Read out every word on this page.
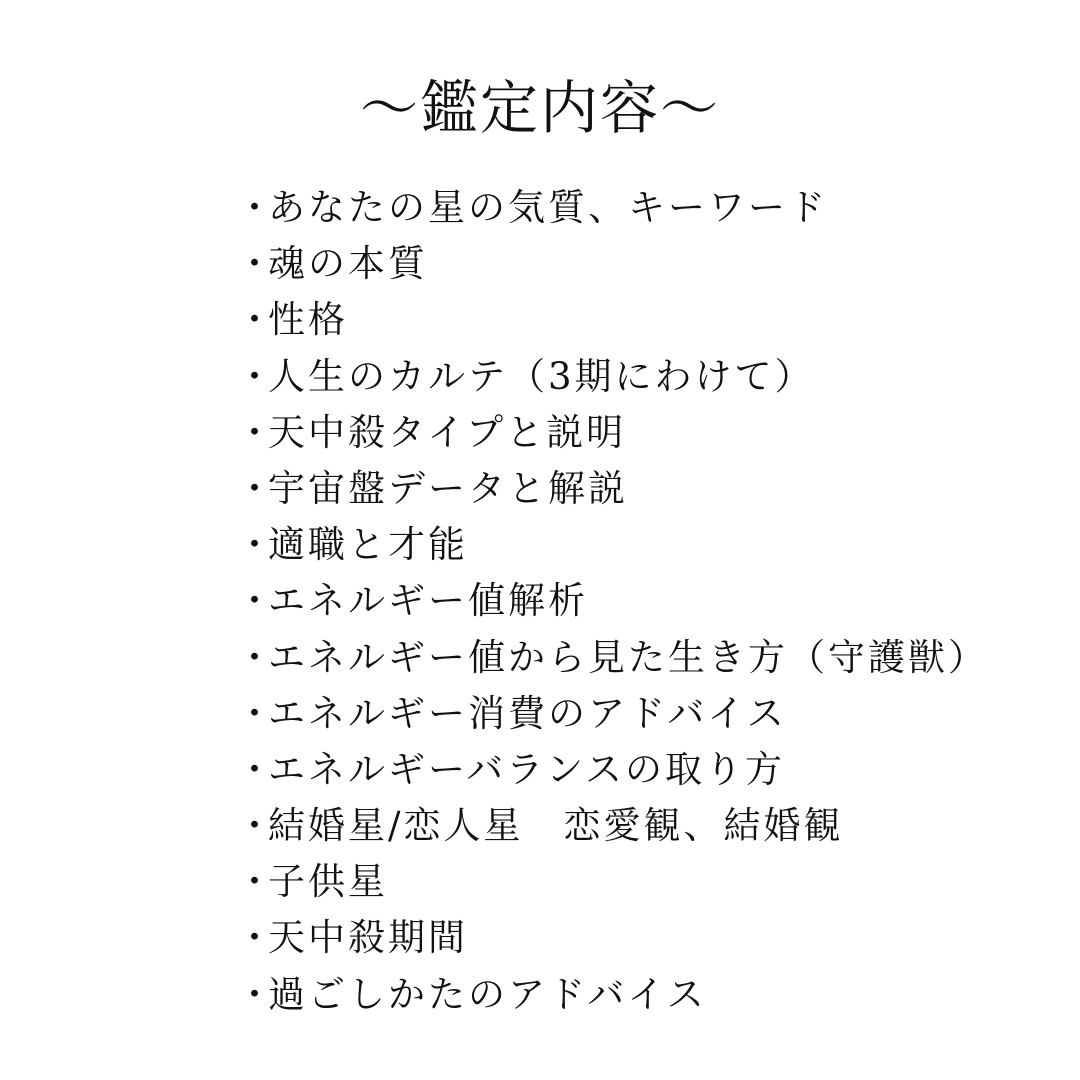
〜鑑定内容〜
・あなたの星の気質、キーワード
・魂の本質
・性格
・人生のカルテ（3期にわけて）
・天中殺タイプと説明
・宇宙盤データと解説
・適職と才能
・エネルギー値解析
・エネルギー値から見た生き方（守護獣）
・エネルギー消費のアドバイス
・エネルギーバランスの取り方
・結婚星/恋人星　恋愛観、結婚観
・子供星
・天中殺期間
・過ごしかたのアドバイス
